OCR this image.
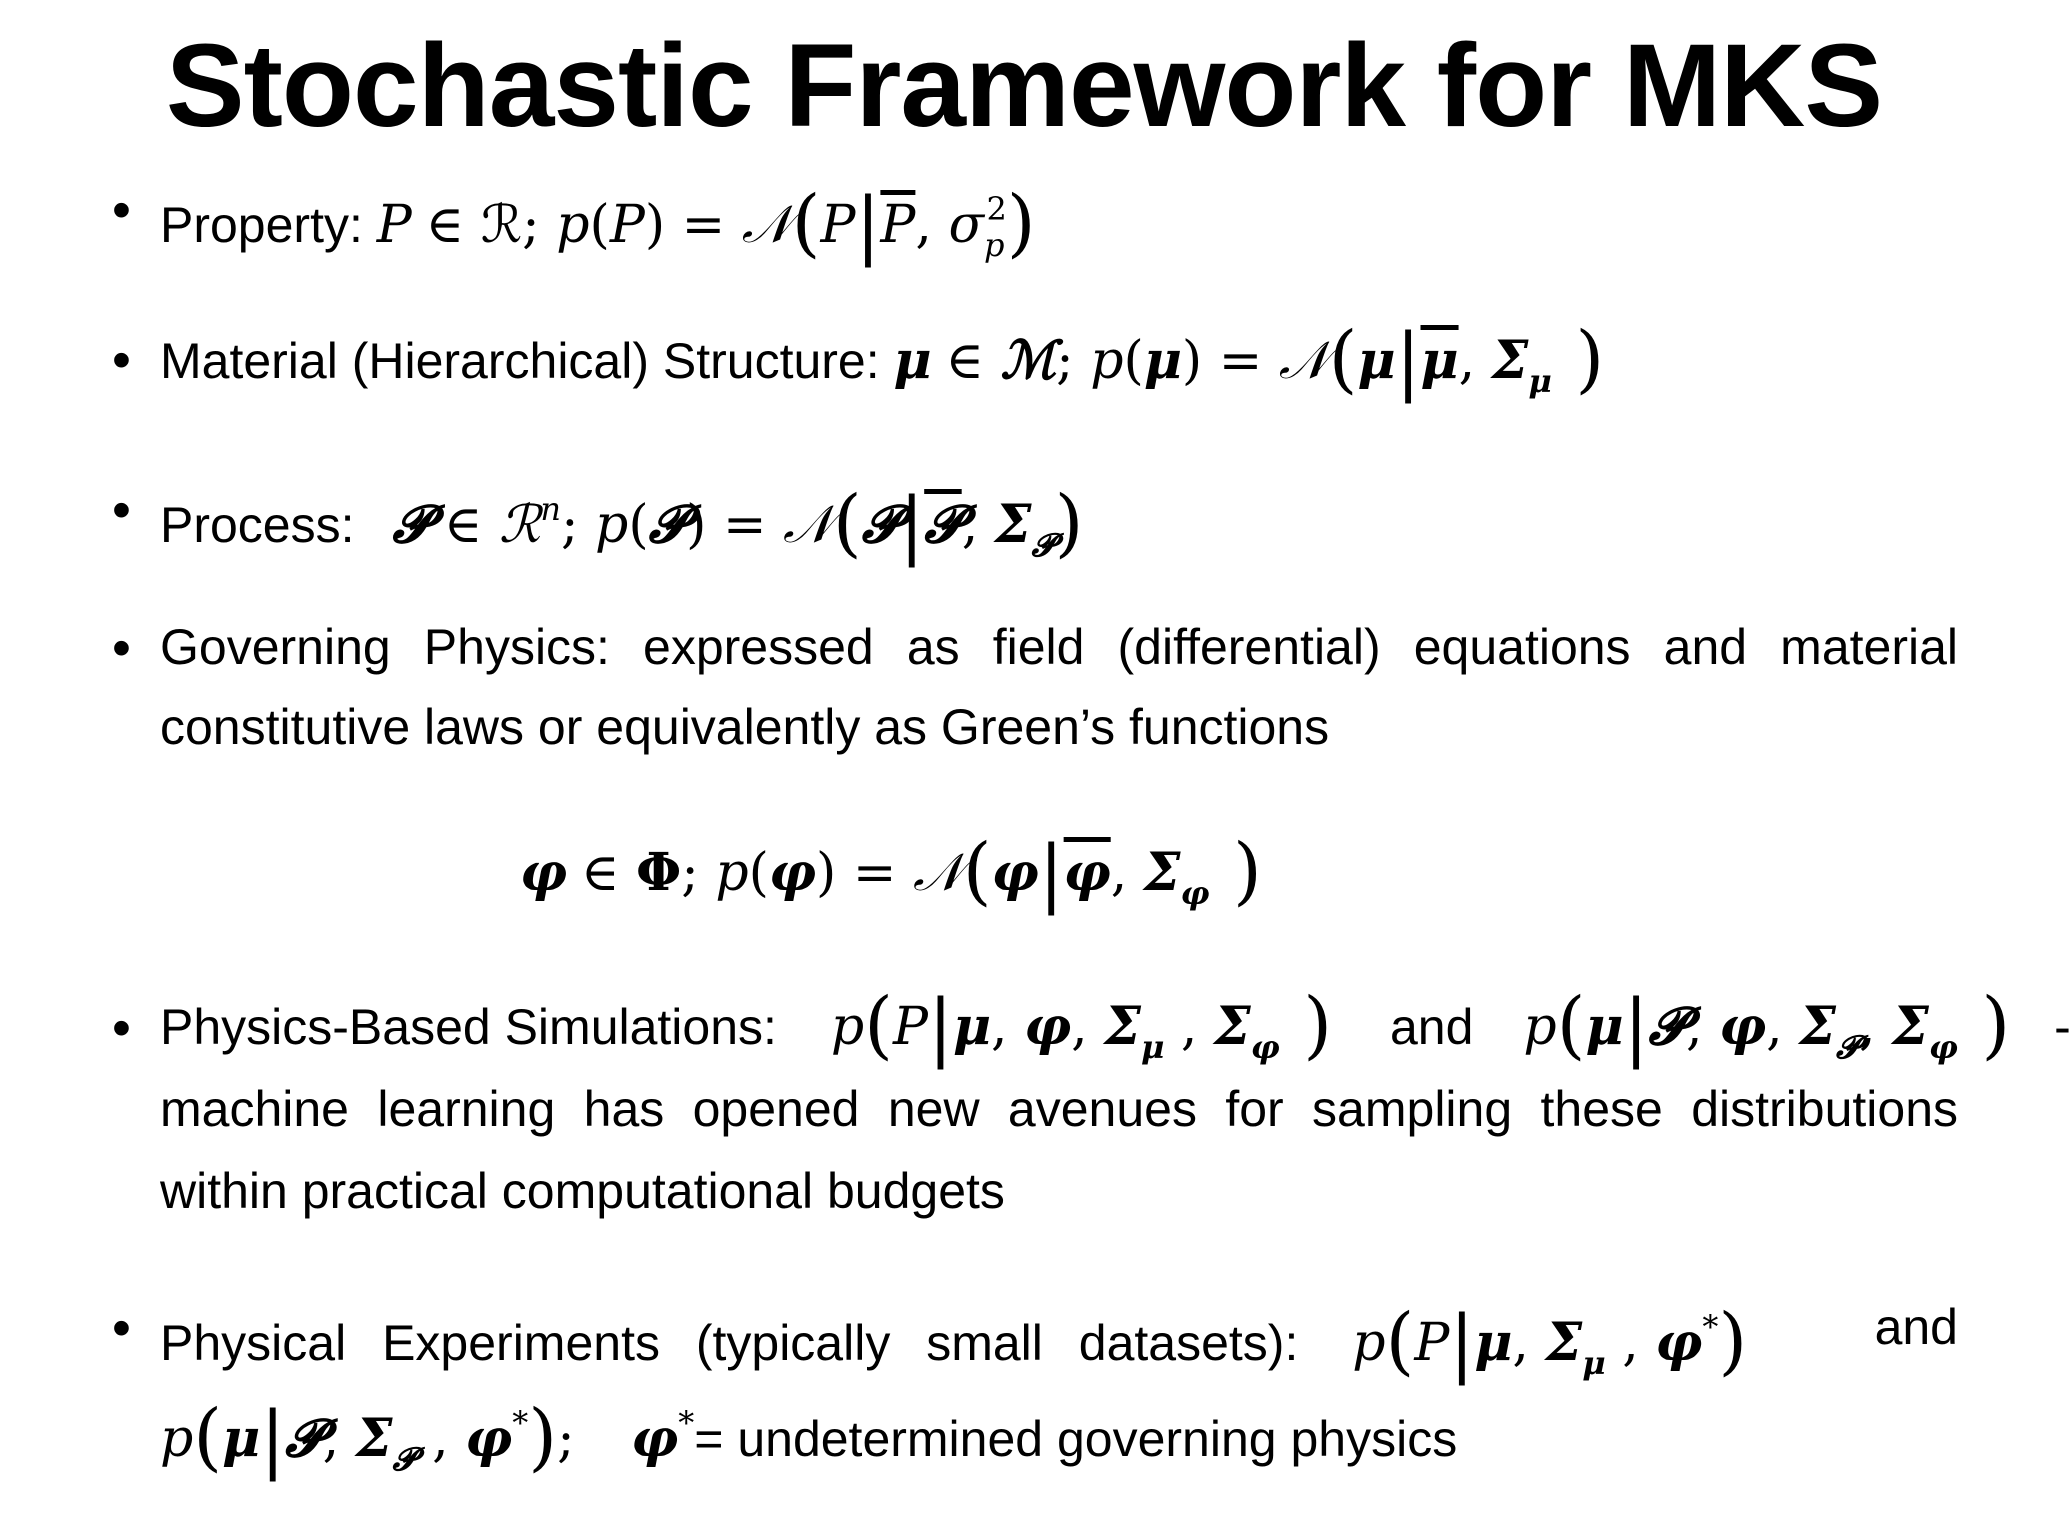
Stochastic Framework for MKS
• Property: P ∈ ℛ; $p(P) = 𝒩(P|\overline{P}$, $\sigma_p^2$)
• Material (Hierarchical) Structure: μ ∈ ℳ; $p(\mu) = 𝒩(\mu|\overline{\mu}$, $\Sigma_\mu$ )
• Process: 𝓟 ∈ ℛ$^n$; p(𝓟) = 𝒩(𝓟|𝓟, $\Sigma_𝓟$)
• Governing Physics: expressed as field (differential) equations and material
constitutive laws or equivalently as Green’s functions
φ ∈ Φ; $p(\varphi) = 𝒩(\varphi|\overline{\varphi}$, $\Sigma_\varphi$ )
• Physics-Based Simulations: p(P|μ, φ, $\Sigma_\mu$ , $\Sigma_\varphi$ ) and p(μ|𝓟, φ, $\Sigma_𝓟$, $\Sigma_\varphi$ ) -
machine learning has opened new avenues for sampling these distributions
within practical computational budgets
• Physical Experiments (typically small datasets): p(P|μ, $\Sigma_\mu$ , φ*)	and
p(μ|𝓟, $\Sigma_𝓟$ , φ*); φ*= undetermined governing physics
